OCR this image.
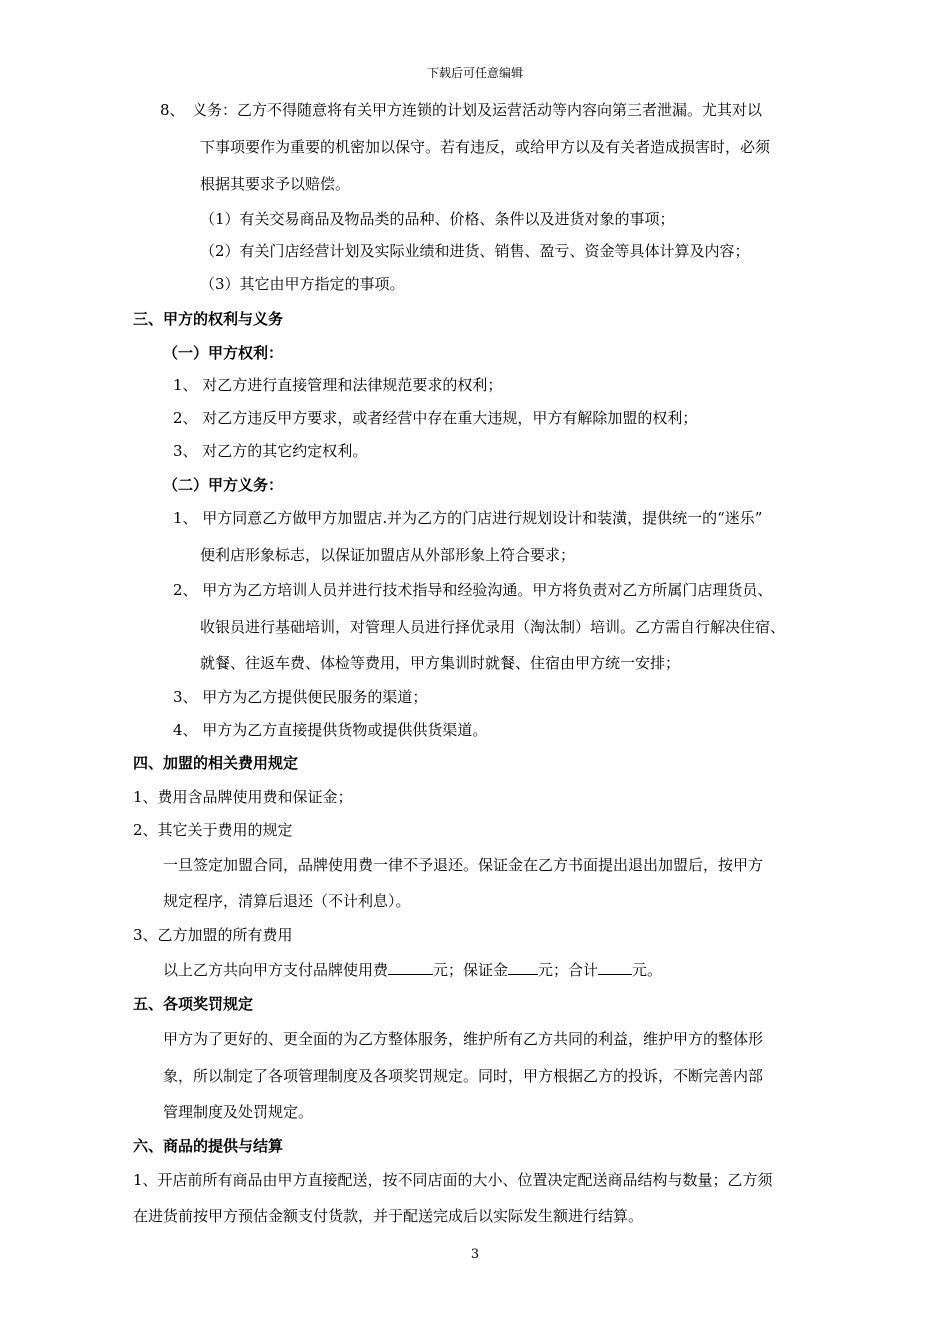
下载后可任意编辑
8、　义务：乙方不得随意将有关甲方连锁的计划及运营活动等内容向第三者泄漏。尤其对以
下事项要作为重要的机密加以保守。若有违反，或给甲方以及有关者造成损害时，必须
根据其要求予以赔偿。
（1）有关交易商品及物品类的品种、价格、条件以及进货对象的事项；
（2）有关门店经营计划及实际业绩和进货、销售、盈亏、资金等具体计算及内容；
（3）其它由甲方指定的事项。
三、甲方的权利与义务
（一）甲方权利：
1、 对乙方进行直接管理和法律规范要求的权利；
2、 对乙方违反甲方要求，或者经营中存在重大违规，甲方有解除加盟的权利；
3、 对乙方的其它约定权利。
（二）甲方义务：
1、 甲方同意乙方做甲方加盟店.并为乙方的门店进行规划设计和装潢，提供统一的“迷乐”
便利店形象标志，以保证加盟店从外部形象上符合要求；
2、 甲方为乙方培训人员并进行技术指导和经验沟通。甲方将负责对乙方所属门店理货员、
收银员进行基础培训，对管理人员进行择优录用（淘汰制）培训。乙方需自行解决住宿、
就餐、往返车费、体检等费用，甲方集训时就餐、住宿由甲方统一安排；
3、 甲方为乙方提供便民服务的渠道；
4、 甲方为乙方直接提供货物或提供供货渠道。
四、加盟的相关费用规定
1、费用含品牌使用费和保证金；
2、其它关于费用的规定
一旦签定加盟合同，品牌使用费一律不予退还。保证金在乙方书面提出退出加盟后，按甲方
规定程序，清算后退还（不计利息）。
3、乙方加盟的所有费用
以上乙方共向甲方支付品牌使用费	元；保证金 元；合计 元。
五、各项奖罚规定
甲方为了更好的、更全面的为乙方整体服务，维护所有乙方共同的利益，维护甲方的整体形
象，所以制定了各项管理制度及各项奖罚规定。同时，甲方根据乙方的投诉，不断完善内部
管理制度及处罚规定。
六、商品的提供与结算
1、开店前所有商品由甲方直接配送，按不同店面的大小、位置决定配送商品结构与数量；乙方须
在进货前按甲方预估金额支付货款，并于配送完成后以实际发生额进行结算。
3
